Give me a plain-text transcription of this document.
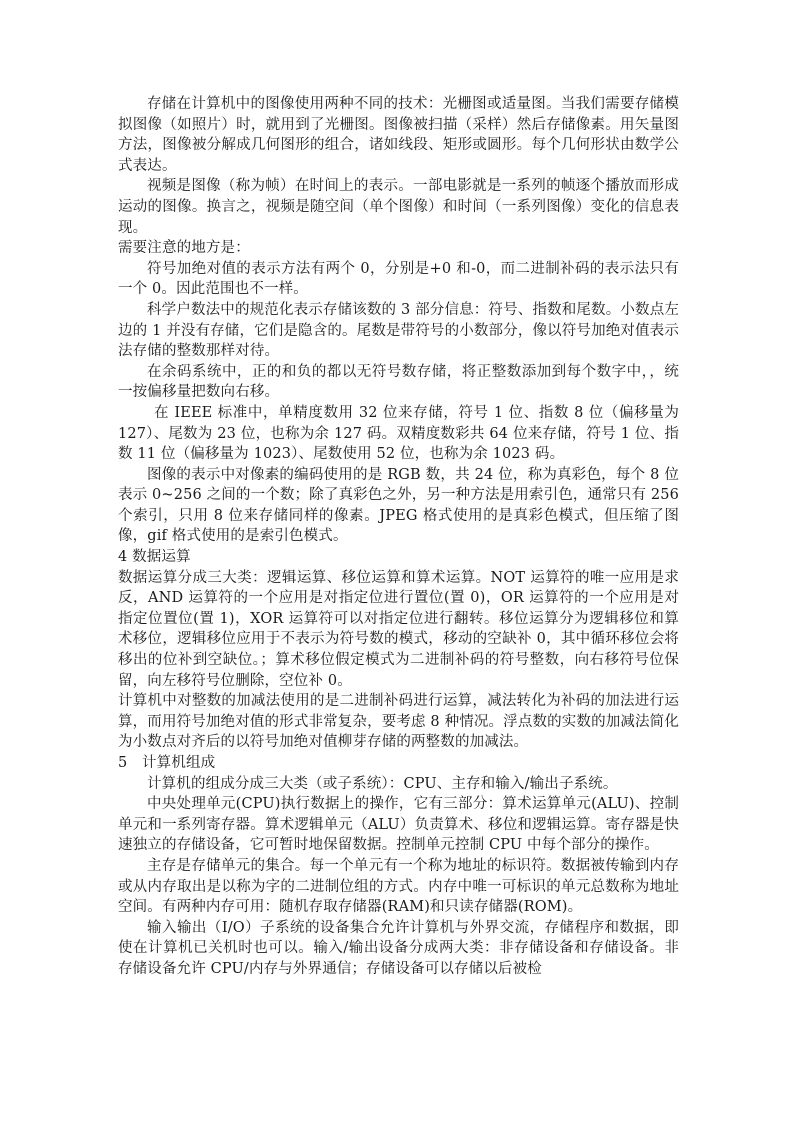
存储在计算机中的图像使用两种不同的技术：光栅图或适量图。当我们需要存储模拟图像（如照片）时，就用到了光栅图。图像被扫描（采样）然后存储像素。用矢量图方法，图像被分解成几何图形的组合，诸如线段、矩形或圆形。每个几何形状由数学公式表达。

视频是图像（称为帧）在时间上的表示。一部电影就是一系列的帧逐个播放而形成运动的图像。换言之，视频是随空间（单个图像）和时间（一系列图像）变化的信息表现。

需要注意的地方是：

符号加绝对值的表示方法有两个 0，分别是+0 和-0，而二进制补码的表示法只有一个 0。因此范围也不一样。

科学户数法中的规范化表示存储该数的 3 部分信息：符号、指数和尾数。小数点左边的 1 并没有存储，它们是隐含的。尾数是带符号的小数部分，像以符号加绝对值表示法存储的整数那样对待。

在余码系统中，正的和负的都以无符号数存储，将正整数添加到每个数字中，，统一按偏移量把数向右移。

在 IEEE 标准中，单精度数用 32 位来存储，符号 1 位、指数 8 位（偏移量为 127）、尾数为 23 位，也称为余 127 码。双精度数彩共 64 位来存储，符号 1 位、指数 11 位（偏移量为 1023）、尾数使用 52 位，也称为余 1023 码。

图像的表示中对像素的编码使用的是 RGB 数，共 24 位，称为真彩色，每个 8 位表示 0~256 之间的一个数；除了真彩色之外，另一种方法是用索引色，通常只有 256 个索引，只用 8 位来存储同样的像素。JPEG 格式使用的是真彩色模式，但压缩了图像，gif 格式使用的是索引色模式。

4 数据运算

数据运算分成三大类：逻辑运算、移位运算和算术运算。NOT 运算符的唯一应用是求反，AND 运算符的一个应用是对指定位进行置位(置 0)，OR 运算符的一个应用是对指定位置位(置 1)，XOR 运算符可以对指定位进行翻转。移位运算分为逻辑移位和算术移位，逻辑移位应用于不表示为符号数的模式，移动的空缺补 0，其中循环移位会将移出的位补到空缺位。；算术移位假定模式为二进制补码的符号整数，向右移符号位保留，向左移符号位删除，空位补 0。

计算机中对整数的加减法使用的是二进制补码进行运算，减法转化为补码的加法进行运算，而用符号加绝对值的形式非常复杂，要考虑 8 种情况。浮点数的实数的加减法简化为小数点对齐后的以符号加绝对值柳芽存储的两整数的加减法。

5　计算机组成

计算机的组成分成三大类（或子系统）：CPU、主存和输入/输出子系统。

中央处理单元(CPU)执行数据上的操作，它有三部分：算术运算单元(ALU)、控制单元和一系列寄存器。算术逻辑单元（ALU）负责算术、移位和逻辑运算。寄存器是快速独立的存储设备，它可暂时地保留数据。控制单元控制 CPU 中每个部分的操作。

主存是存储单元的集合。每一个单元有一个称为地址的标识符。数据被传输到内存或从内存取出是以称为字的二进制位组的方式。内存中唯一可标识的单元总数称为地址空间。有两种内存可用：随机存取存储器(RAM)和只读存储器(ROM)。

输入输出（I/O）子系统的设备集合允许计算机与外界交流，存储程序和数据，即使在计算机已关机时也可以。输入/输出设备分成两大类：非存储设备和存储设备。非存储设备允许 CPU/内存与外界通信；存储设备可以存储以后被检
